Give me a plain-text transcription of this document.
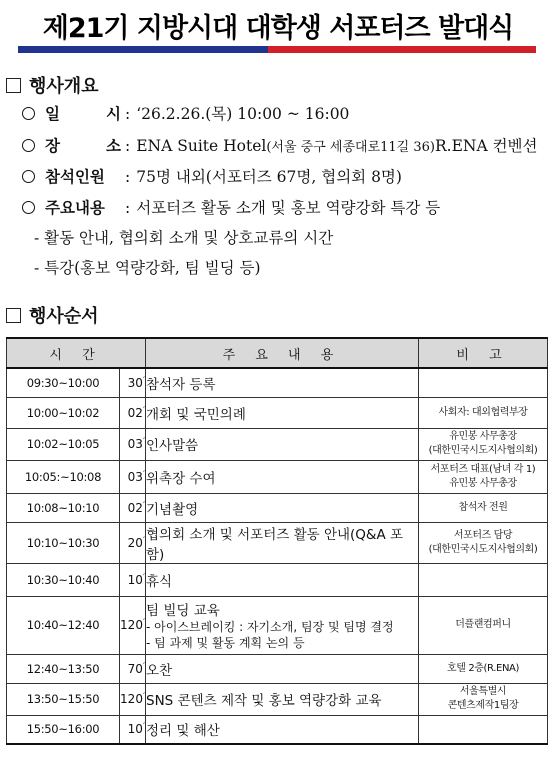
제21기 지방시대 대학생 서포터즈 발대식
행사개요
일	시 : ‘26.2.26.(목) 10:00 ~ 16:00
장	소 : ENA Suite Hotel (서울 중구 세종대로11길 36) R.ENA 컨벤션
참석인원	: 75명 내외(서포터즈 67명, 협의회 8명)
주요내용	: 서포터즈 활동 소개 및 홍보 역량강화 특강 등
- 활동 안내, 협의회 소개 및 상호교류의 시간
- 특강(홍보 역량강화, 팀 빌딩 등)
행사순서
시 간		주 요 내 용	비 고
09:30~10:00	30′	참석자 등록	

10:00~10:02	02′	개회 및 국민의례	사회자: 대외협력부장

10:02~10:05	03′	인사말씀	유민봉 사무총장
(대한민국시도지사협의회)

10:05:~10:08	03′	위촉장 수여	서포터즈 대표(남녀 각 1)
유민봉 사무총장

10:08~10:10	02′	기념촬영	참석자 전원

10:10~10:30	20′	협의회 소개 및 서포터즈 활동 안내(Q&A 포함)	서포터즈 담당
(대한민국시도지사협의회)

10:30~10:40	10′	휴식	

10:40~12:40	120′	팀 빌딩 교육
- 아이스브레이킹 : 자기소개, 팀장 및 팀명 결정
- 팀 과제 및 활동 계획 논의 등	더플랜컴퍼니

12:40~13:50	70′	오찬	호텔 2층(R.ENA)

13:50~15:50	120′	SNS 콘텐츠 제작 및 홍보 역량강화 교육	서울특별시
콘텐츠제작1팀장

15:50~16:00	10′	정리 및 해산	
